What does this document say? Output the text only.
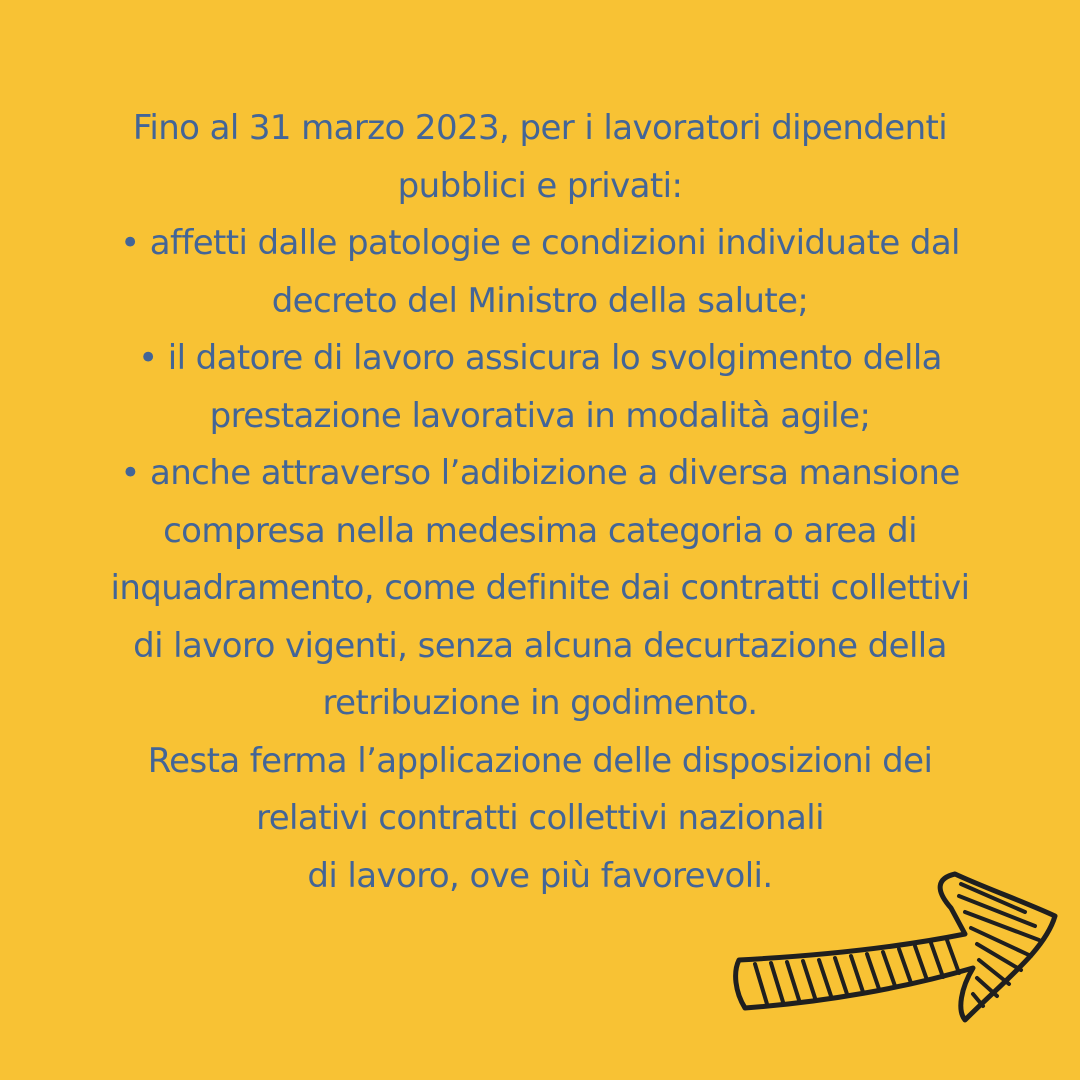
Fino al 31 marzo 2023, per i lavoratori dipendenti
pubblici e privati:
• affetti dalle patologie e condizioni individuate dal
decreto del Ministro della salute;
• il datore di lavoro assicura lo svolgimento della
prestazione lavorativa in modalità agile;
• anche attraverso l’adibizione a diversa mansione
compresa nella medesima categoria o area di
inquadramento, come definite dai contratti collettivi
di lavoro vigenti, senza alcuna decurtazione della
retribuzione in godimento.
Resta ferma l’applicazione delle disposizioni dei
relativi contratti collettivi nazionali
di lavoro, ove più favorevoli.
